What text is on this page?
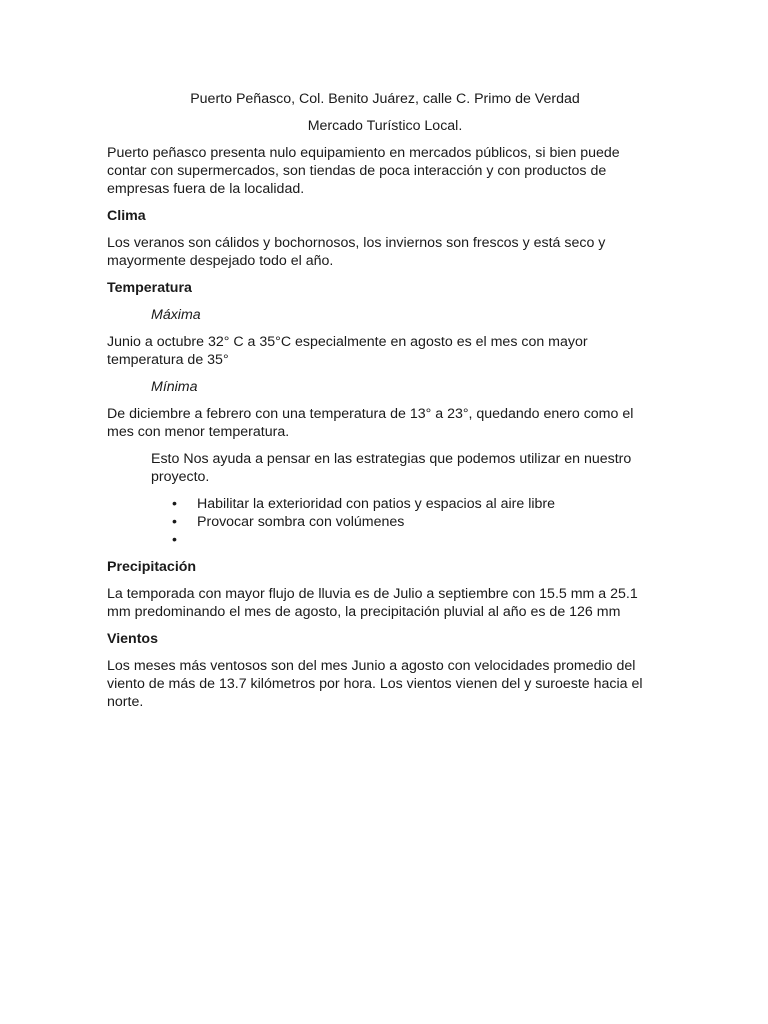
Puerto Peñasco, Col. Benito Juárez, calle C. Primo de Verdad

Mercado Turístico Local.

Puerto peñasco presenta nulo equipamiento en mercados públicos, si bien puede contar con supermercados, son tiendas de poca interacción y con productos de empresas fuera de la localidad.

Clima

Los veranos son cálidos y bochornosos, los inviernos son frescos y está seco y mayormente despejado todo el año.

Temperatura

Máxima

Junio a octubre 32° C a 35°C especialmente en agosto es el mes con mayor temperatura de 35°

Mínima

De diciembre a febrero con una temperatura de 13° a 23°, quedando enero como el mes con menor temperatura.

Esto Nos ayuda a pensar en las estrategias que podemos utilizar en nuestro proyecto.

• Habilitar la exterioridad con patios y espacios al aire libre
• Provocar sombra con volúmenes
•

Precipitación

La temporada con mayor flujo de lluvia es de Julio a septiembre con 15.5 mm a 25.1 mm predominando el mes de agosto, la precipitación pluvial al año es de 126 mm

Vientos

Los meses más ventosos son del mes Junio a agosto con velocidades promedio del viento de más de 13.7 kilómetros por hora. Los vientos vienen del y suroeste hacia el norte.
